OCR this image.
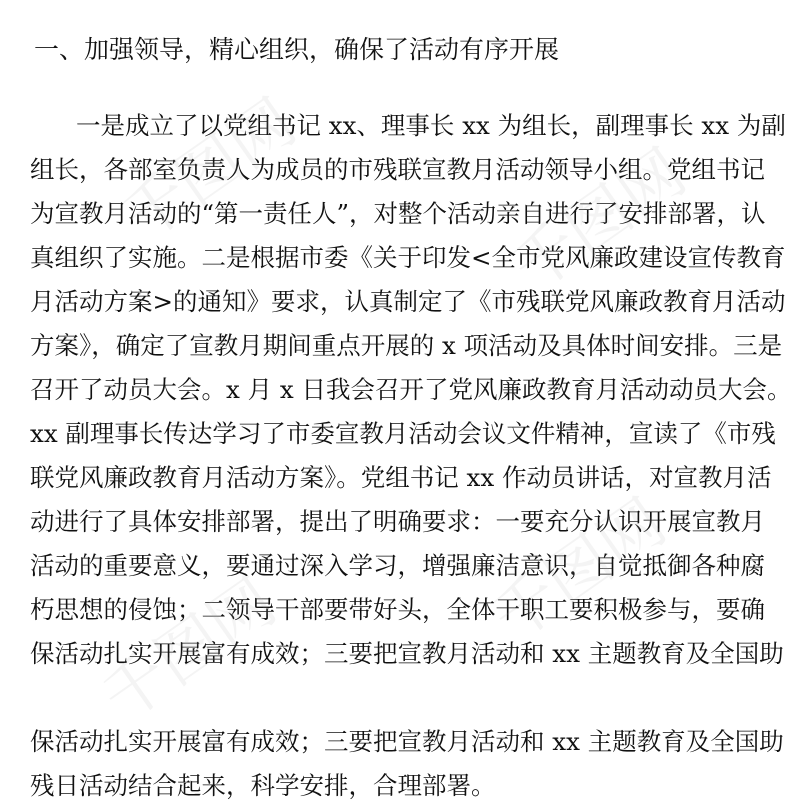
一、加强领导，精心组织，确保了活动有序开展
一是成立了以党组书记 xx、理事长 xx 为组长，副理事长 xx 为副
组长，各部室负责人为成员的市残联宣教月活动领导小组。党组书记
为宣教月活动的“第一责任人”，对整个活动亲自进行了安排部署，认
真组织了实施。二是根据市委《关于印发<全市党风廉政建设宣传教育
月活动方案>的通知》要求，认真制定了《市残联党风廉政教育月活动
方案》，确定了宣教月期间重点开展的 x 项活动及具体时间安排。三是
召开了动员大会。x 月 x 日我会召开了党风廉政教育月活动动员大会。
xx 副理事长传达学习了市委宣教月活动会议文件精神，宣读了《市残
联党风廉政教育月活动方案》。党组书记 xx 作动员讲话，对宣教月活
动进行了具体安排部署，提出了明确要求：一要充分认识开展宣教月
活动的重要意义，要通过深入学习，增强廉洁意识，自觉抵御各种腐
朽思想的侵蚀；二领导干部要带好头，全体干职工要积极参与，要确
保活动扎实开展富有成效；三要把宣教月活动和 xx 主题教育及全国助
保活动扎实开展富有成效；三要把宣教月活动和 xx 主题教育及全国助
残日活动结合起来，科学安排，合理部署。
千图网	千图网
千图网
千图网
